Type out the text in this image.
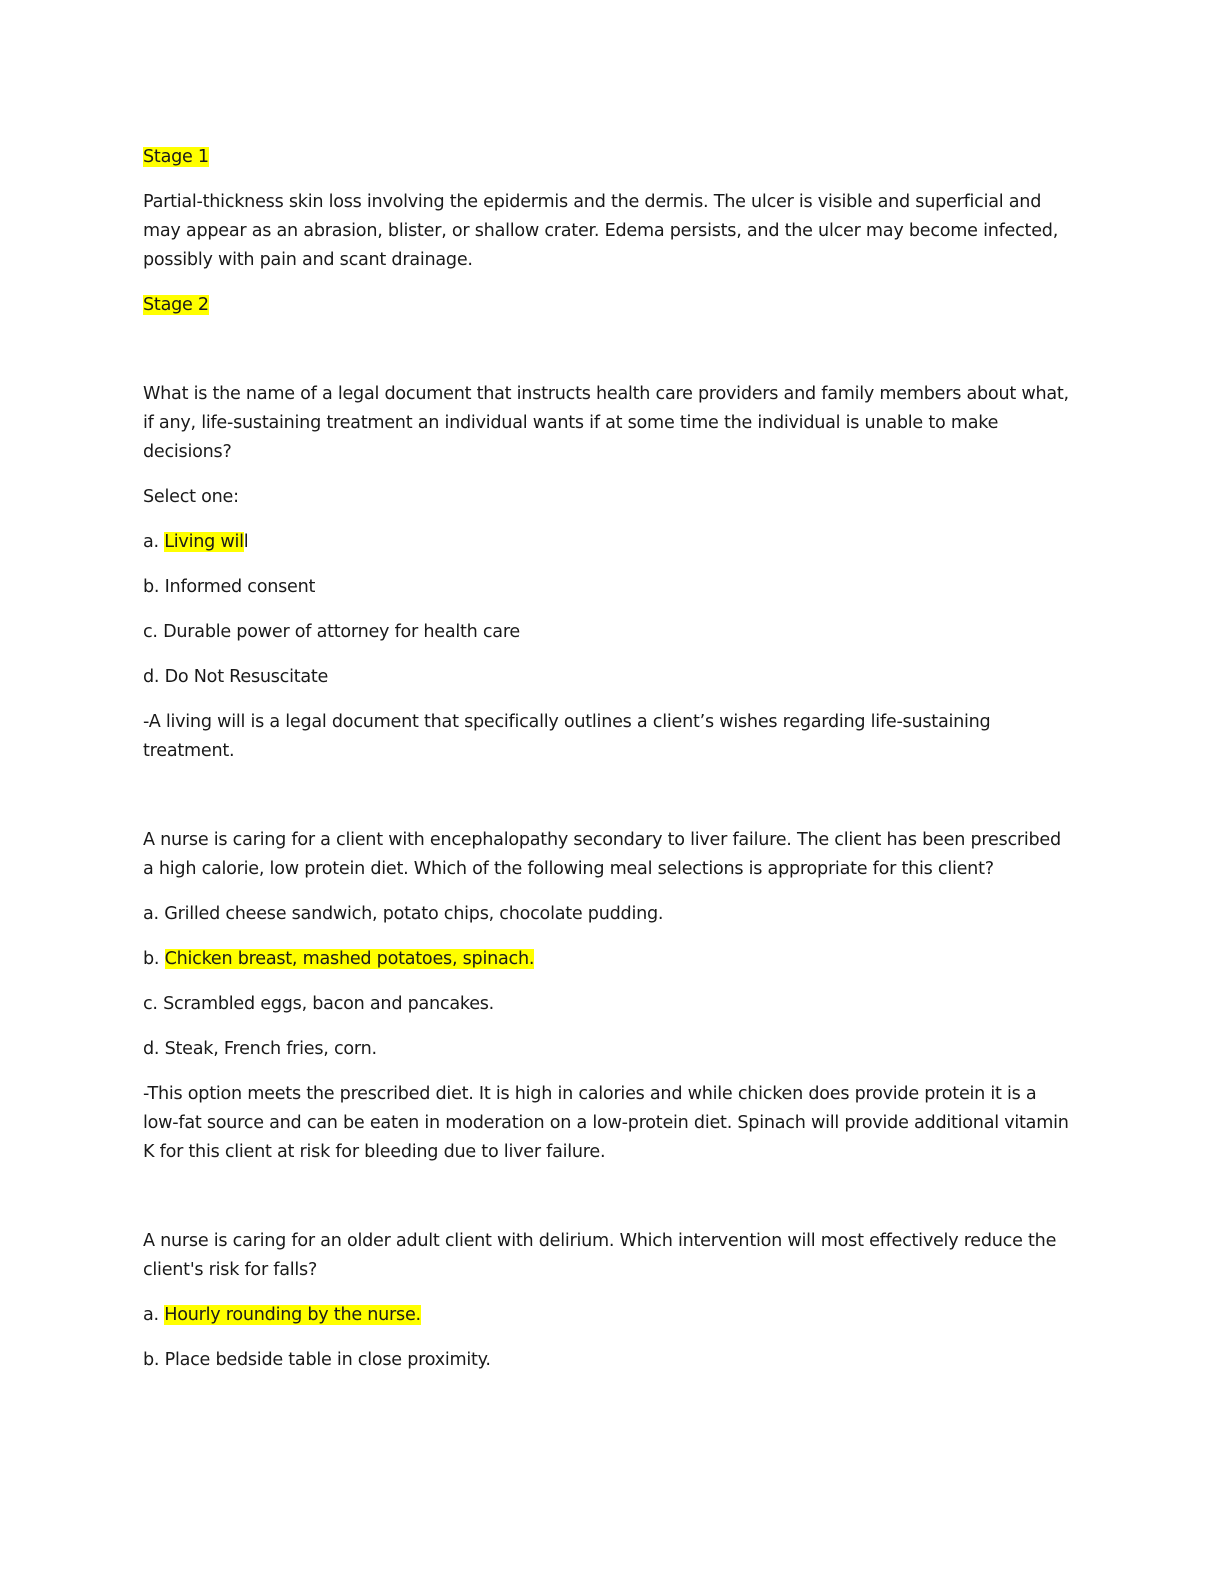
Stage 1

Partial-thickness skin loss involving the epidermis and the dermis. The ulcer is visible and superficial and may appear as an abrasion, blister, or shallow crater. Edema persists, and the ulcer may become infected, possibly with pain and scant drainage.

Stage 2

What is the name of a legal document that instructs health care providers and family members about what, if any, life-sustaining treatment an individual wants if at some time the individual is unable to make decisions?

Select one:

a. Living will

b. Informed consent

c. Durable power of attorney for health care

d. Do Not Resuscitate

-A living will is a legal document that specifically outlines a client’s wishes regarding life-sustaining treatment.

A nurse is caring for a client with encephalopathy secondary to liver failure. The client has been prescribed a high calorie, low protein diet. Which of the following meal selections is appropriate for this client?

a. Grilled cheese sandwich, potato chips, chocolate pudding.

b. Chicken breast, mashed potatoes, spinach.

c. Scrambled eggs, bacon and pancakes.

d. Steak, French fries, corn.

-This option meets the prescribed diet. It is high in calories and while chicken does provide protein it is a low-fat source and can be eaten in moderation on a low-protein diet. Spinach will provide additional vitamin K for this client at risk for bleeding due to liver failure.

A nurse is caring for an older adult client with delirium. Which intervention will most effectively reduce the client's risk for falls?

a. Hourly rounding by the nurse.

b. Place bedside table in close proximity.
